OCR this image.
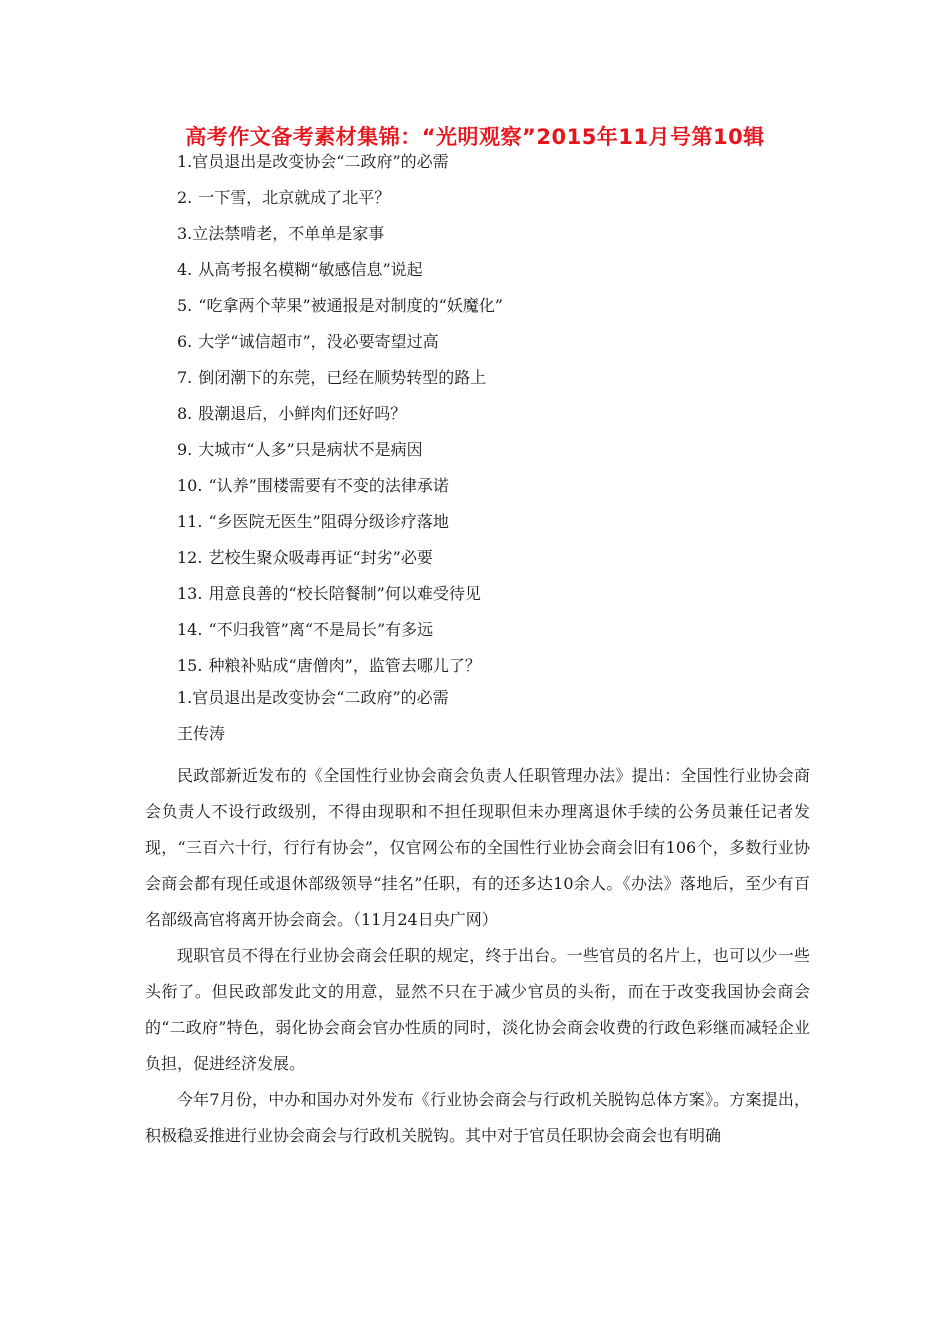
高考作文备考素材集锦：“光明观察”2015年11月号第10辑
1.官员退出是改变协会“二政府”的必需
2. 一下雪，北京就成了北平？
3.立法禁啃老，不单单是家事
4. 从高考报名模糊“敏感信息”说起
5. “吃拿两个苹果”被通报是对制度的“妖魔化”
6. 大学“诚信超市”，没必要寄望过高
7. 倒闭潮下的东莞，已经在顺势转型的路上
8. 股潮退后，小鲜肉们还好吗？
9. 大城市“人多”只是病状不是病因
10. “认养”围楼需要有不变的法律承诺
11. “乡医院无医生”阻碍分级诊疗落地
12. 艺校生聚众吸毒再证“封劣”必要
13. 用意良善的“校长陪餐制”何以难受待见
14. “不归我管”离“不是局长”有多远
15. 种粮补贴成“唐僧肉”，监管去哪儿了？
1.官员退出是改变协会“二政府”的必需
王传涛

民政部新近发布的《全国性行业协会商会负责人任职管理办法》提出：全国性行业协会商会负责人不设行政级别，不得由现职和不担任现职但未办理离退休手续的公务员兼任记者发现，“三百六十行，行行有协会”，仅官网公布的全国性行业协会商会旧有106个，多数行业协会商会都有现任或退休部级领导“挂名”任职，有的还多达10余人。《办法》落地后，至少有百名部级高官将离开协会商会。（11月24日央广网）

现职官员不得在行业协会商会任职的规定，终于出台。一些官员的名片上，也可以少一些头衔了。但民政部发此文的用意，显然不只在于减少官员的头衔，而在于改变我国协会商会的“二政府”特色，弱化协会商会官办性质的同时，淡化协会商会收费的行政色彩继而减轻企业负担，促进经济发展。

今年7月份，中办和国办对外发布《行业协会商会与行政机关脱钩总体方案》。方案提出，积极稳妥推进行业协会商会与行政机关脱钩。其中对于官员任职协会商会也有明确
